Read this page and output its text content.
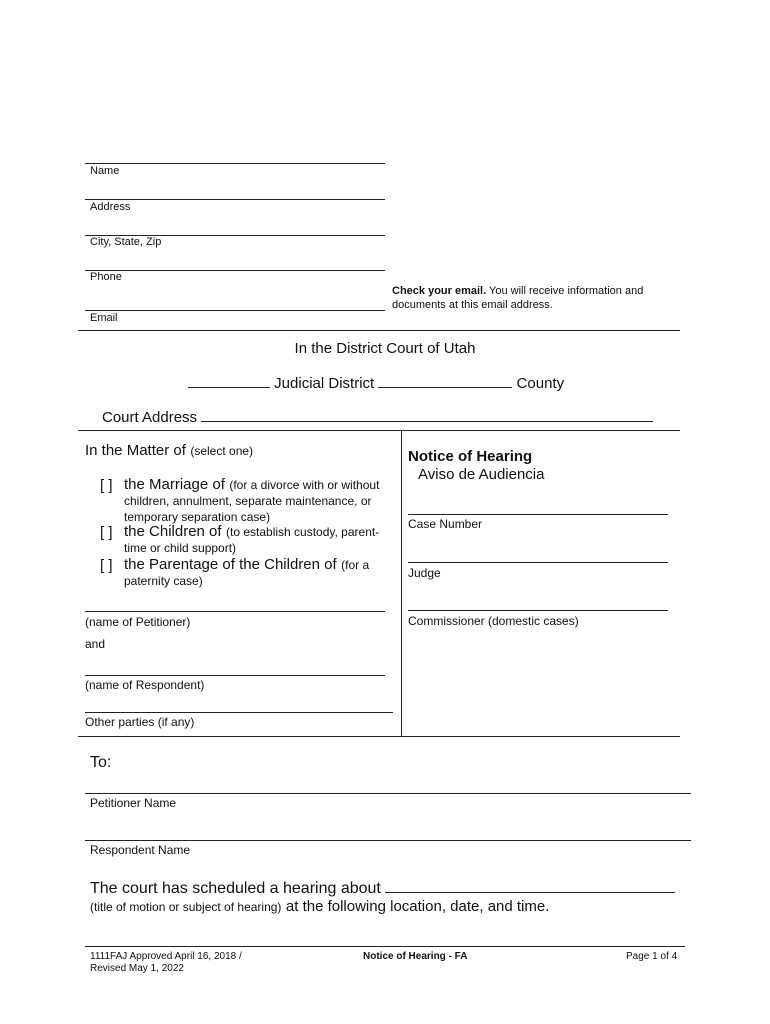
Name
Address
City, State, Zip
Phone
Email
Check your email. You will receive information and documents at this email address.
In the District Court of Utah
Judicial District	County
Court Address
In the Matter of (select one)
[ ] the Marriage of (for a divorce with or without children, annulment, separate maintenance, or temporary separation case)
[ ] the Children of (to establish custody, parent-time or child support)
[ ] the Parentage of the Children of (for a paternity case)
(name of Petitioner)
and
(name of Respondent)
Other parties (if any)
Notice of Hearing
Aviso de Audiencia
Case Number
Judge
Commissioner (domestic cases)
To:
Petitioner Name
Respondent Name
The court has scheduled a hearing about
(title of motion or subject of hearing) at the following location, date, and time.
1111FAJ Approved April 16, 2018 /
Revised May 1, 2022
Notice of Hearing - FA	Page 1 of 4
